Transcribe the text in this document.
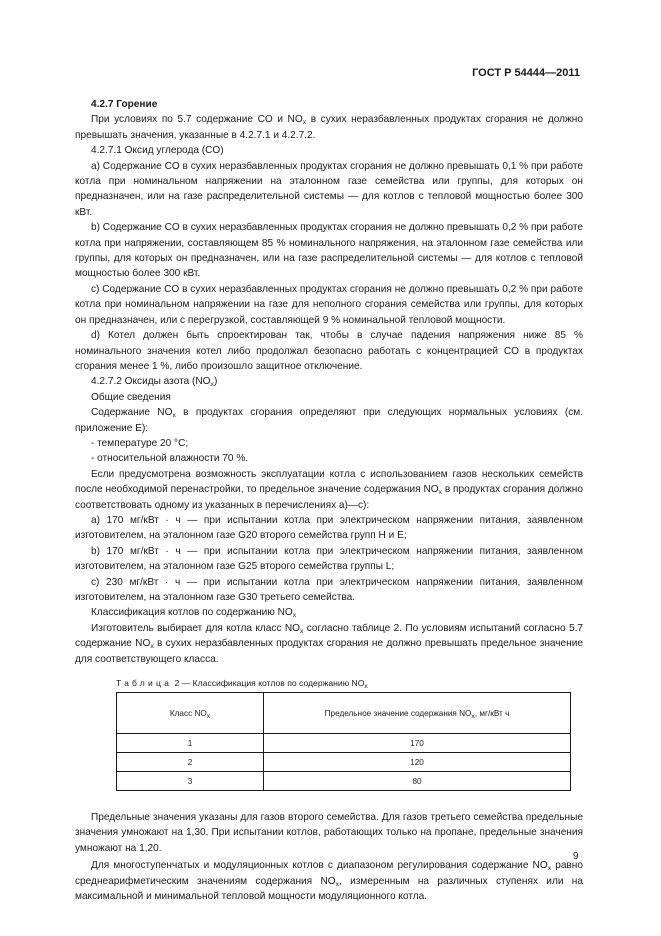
ГОСТ Р 54444—2011

4.2.7 Горение

При условиях по 5.7 содержание CO и $NO_x$ в сухих неразбавленных продуктах сгорания не должно превышать значения, указанные в 4.2.7.1 и 4.2.7.2.

4.2.7.1 Оксид углерода (CO)

a) Содержание CO в сухих неразбавленных продуктах сгорания не должно превышать 0,1 % при работе котла при номинальном напряжении на эталонном газе семейства или группы, для которых он предназначен, или на газе распределительной системы — для котлов с тепловой мощностью более 300 кВт.

b) Содержание CO в сухих неразбавленных продуктах сгорания не должно превышать 0,2 % при работе котла при напряжении, составляющем 85 % номинального напряжения, на эталонном газе семейства или группы, для которых он предназначен, или на газе распределительной системы — для котлов с тепловой мощностью более 300 кВт.

c) Содержание CO в сухих неразбавленных продуктах сгорания не должно превышать 0,2 % при работе котла при номинальном напряжении на газе для неполного сгорания семейства или группы, для которых он предназначен, или с перегрузкой, составляющей 9 % номинальной тепловой мощности.

d) Котел должен быть спроектирован так, чтобы в случае падения напряжения ниже 85 % номинального значения котел либо продолжал безопасно работать с концентрацией CO в продуктах сгорания менее 1 %, либо произошло защитное отключение.

4.2.7.2 Оксиды азота $(NO_x)$

Общие сведения

Содержание $NO_x$ в продуктах сгорания определяют при следующих нормальных условиях (см. приложение Е):

- температуре 20 °C;

- относительной влажности 70 %.

Если предусмотрена возможность эксплуатации котла с использованием газов нескольких семейств после необходимой перенастройки, то предельное значение содержания $NO_x$ в продуктах сгорания должно соответствовать одному из указанных в перечислениях а)—с):

a) 170 мг/кВт · ч — при испытании котла при электрическом напряжении питания, заявленном изготовителем, на эталонном газе G20 второго семейства групп Н и Е;

b) 170 мг/кВт · ч — при испытании котла при электрическом напряжении питания, заявленном изготовителем, на эталонном газе G25 второго семейства группы L;

c) 230 мг/кВт · ч — при испытании котла при электрическом напряжении питания, заявленном изготовителем, на эталонном газе G30 третьего семейства.

Классификация котлов по содержанию $NO_x$

Изготовитель выбирает для котла класс $NO_x$ согласно таблице 2. По условиям испытаний согласно 5.7 содержание $NO_x$ в сухих неразбавленных продуктах сгорания не должно превышать предельное значение для соответствующего класса.

Таблица 2 — Классификация котлов по содержанию $NO_x$
Класс $NO_x$	Предельное значение содержания $NO_x$, мг/кВт ч
1	170
2	120
3	80

Предельные значения указаны для газов второго семейства. Для газов третьего семейства предельные значения умножают на 1,30. При испытании котлов, работающих только на пропане, предельные значения умножают на 1,20.

Для многоступенчатых и модуляционных котлов с диапазоном регулирования содержание $NO_x$ равно среднеарифметическим значениям содержания $NO_x$, измеренным на различных ступенях или на максимальной и минимальной тепловой мощности модуляционного котла.

9
